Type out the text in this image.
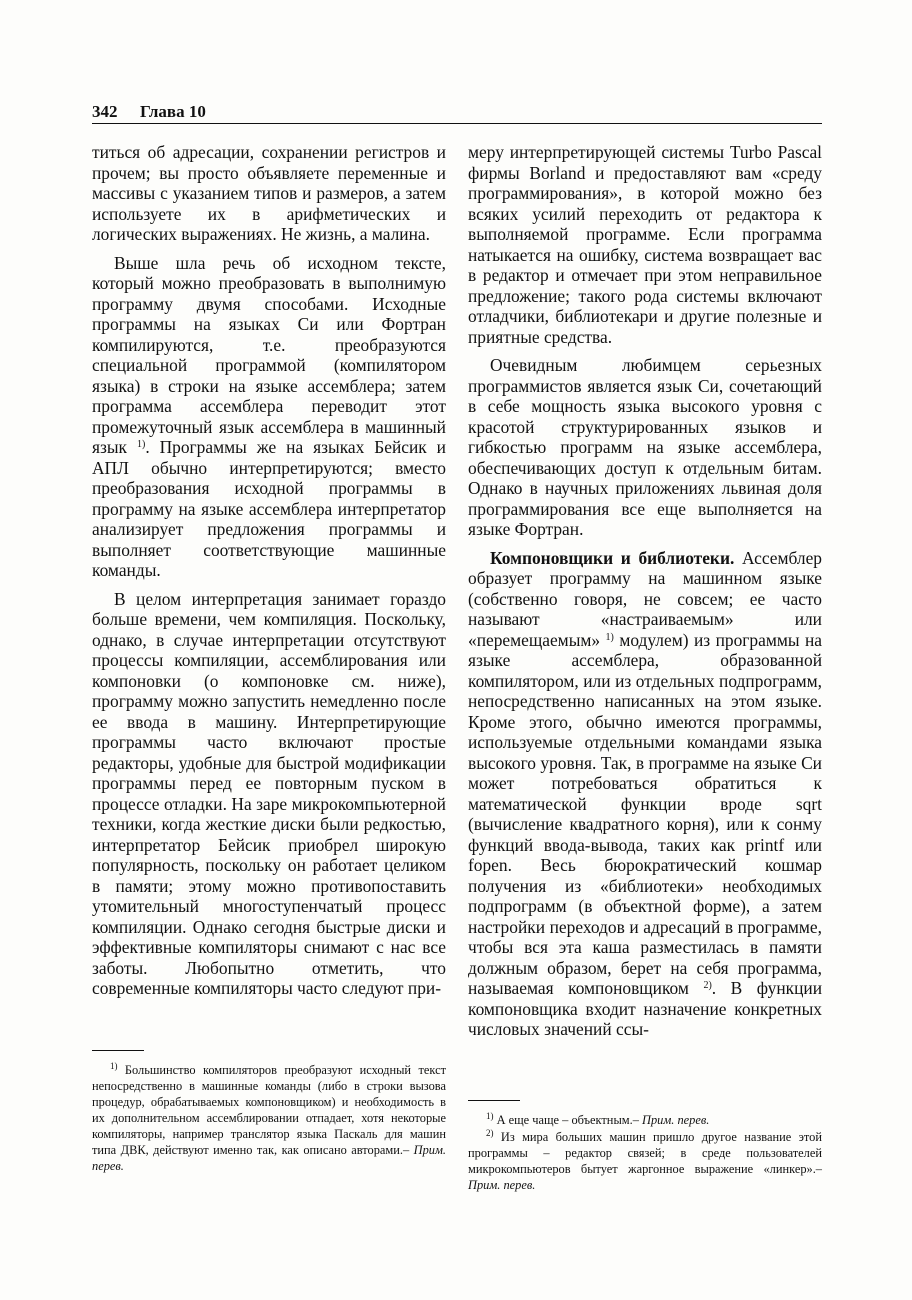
342 Глава 10

титься об адресации, сохранении регистров и прочем; вы просто объявляете переменные и массивы с указанием типов и размеров, а затем используете их в арифметических и логических выражениях. Не жизнь, а малина.

Выше шла речь об исходном тексте, который можно преобразовать в выполнимую программу двумя способами. Исходные программы на языках Си или Фортран компилируются, т.е. преобразуются специальной программой (компилятором языка) в строки на языке ассемблера; затем программа ассемблера переводит этот промежуточный язык ассемблера в машинный язык $^{1)}$. Программы же на языках Бейсик и АПЛ обычно интерпретируются; вместо преобразования исходной программы в программу на языке ассемблера интерпретатор анализирует предложения программы и выполняет соответствующие машинные команды.

В целом интерпретация занимает гораздо больше времени, чем компиляция. Поскольку, однако, в случае интерпретации отсутствуют процессы компиляции, ассемблирования или компоновки (о компоновке см. ниже), программу можно запустить немедленно после ее ввода в машину. Интерпретирующие программы часто включают простые редакторы, удобные для быстрой модификации программы перед ее повторным пуском в процессе отладки. На заре микрокомпьютерной техники, когда жесткие диски были редкостью, интерпретатор Бейсик приобрел широкую популярность, поскольку он работает целиком в памяти; этому можно противопоставить утомительный многоступенчатый процесс компиляции. Однако сегодня быстрые диски и эффективные компиляторы снимают с нас все заботы. Любопытно отметить, что современные компиляторы часто следуют при-

меру интерпретирующей системы Turbo Pascal фирмы Borland и предоставляют вам «среду программирования», в которой можно без всяких усилий переходить от редактора к выполняемой программе. Если программа натыкается на ошибку, система возвращает вас в редактор и отмечает при этом неправильное предложение; такого рода системы включают отладчики, библиотекари и другие полезные и приятные средства.

Очевидным любимцем серьезных программистов является язык Си, сочетающий в себе мощность языка высокого уровня с красотой структурированных языков и гибкостью программ на языке ассемблера, обеспечивающих доступ к отдельным битам. Однако в научных приложениях львиная доля программирования все еще выполняется на языке Фортран.

Компоновщики и библиотеки. Ассемблер образует программу на машинном языке (собственно говоря, не совсем; ее часто называют «настраиваемым» или «перемещаемым» $^{1)}$ модулем) из программы на языке ассемблера, образованной компилятором, или из отдельных подпрограмм, непосредственно написанных на этом языке. Кроме этого, обычно имеются программы, используемые отдельными командами языка высокого уровня. Так, в программе на языке Си может потребоваться обратиться к математической функции вроде sqrt (вычисление квадратного корня), или к сонму функций ввода-вывода, таких как printf или fopen. Весь бюрократический кошмар получения из «библиотеки» необходимых подпрограмм (в объектной форме), а затем настройки переходов и адресаций в программе, чтобы вся эта каша разместилась в памяти должным образом, берет на себя программа, называемая компоновщиком $^{2)}$. В функции компоновщика входит назначение конкретных числовых значений ссы-

$^{1)}$ Большинство компиляторов преобразуют исходный текст непосредственно в машинные команды (либо в строки вызова процедур, обрабатываемых компоновщиком) и необходимость в их дополнительном ассемблировании отпадает, хотя некоторые компиляторы, например транслятор языка Паскаль для машин типа ДВК, действуют именно так, как описано авторами.– Прим. перев.

$^{1)}$ А еще чаще – объектным.– Прим. перев.

$^{2)}$ Из мира больших машин пришло другое название этой программы – редактор связей; в среде пользователей микрокомпьютеров бытует жаргонное выражение «линкер».– Прим. перев.
